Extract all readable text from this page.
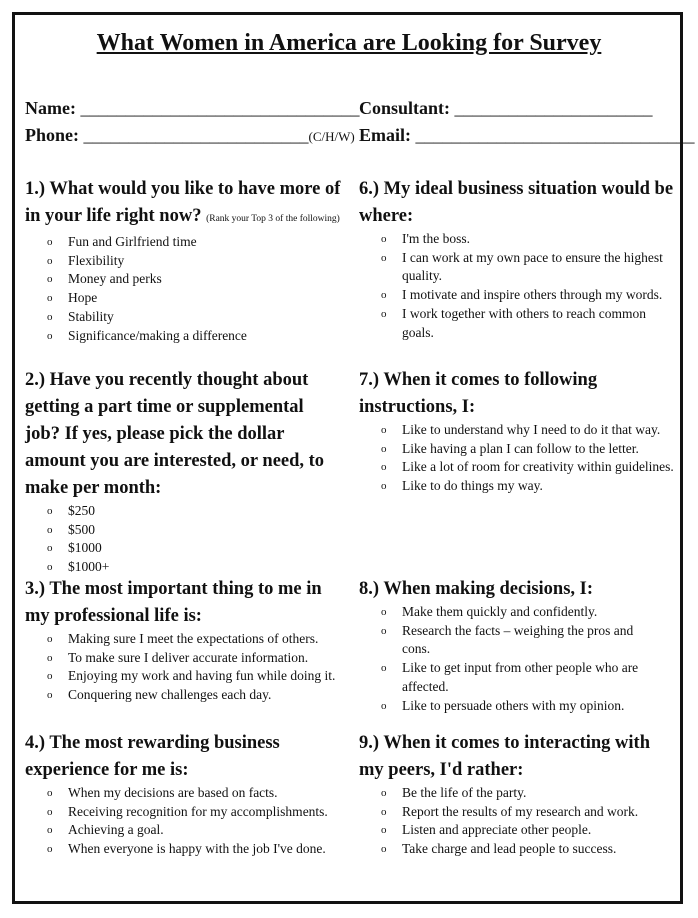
What Women in America are Looking for Survey
Name: _______________________________
Phone: _________________________(C/H/W)
Consultant: ______________________
Email: _______________________________
1.) What would you like to have more of
in your life right now? (Rank your Top 3 of the following)
o Fun and Girlfriend time
o Flexibility
o Money and perks
o Hope
o Stability
o Significance/making a difference
2.) Have you recently thought about
getting a part time or supplemental
job? If yes, please pick the dollar
amount you are interested, or need, to
make per month:
o $250
o $500
o $1000
o $1000+
3.) The most important thing to me in
my professional life is:
o Making sure I meet the expectations of others.
o To make sure I deliver accurate information.
o Enjoying my work and having fun while doing it.
o Conquering new challenges each day.
4.) The most rewarding business
experience for me is:
o When my decisions are based on facts.
o Receiving recognition for my accomplishments.
o Achieving a goal.
o When everyone is happy with the job I've done.
6.) My ideal business situation would be
where:
o I'm the boss.
o I can work at my own pace to ensure the highest quality.
o I motivate and inspire others through my words.
o I work together with others to reach common goals.
7.) When it comes to following
instructions, I:
o Like to understand why I need to do it that way.
o Like having a plan I can follow to the letter.
o Like a lot of room for creativity within guidelines.
o Like to do things my way.
8.) When making decisions, I:
o Make them quickly and confidently.
o Research the facts – weighing the pros and cons.
o Like to get input from other people who are affected.
o Like to persuade others with my opinion.
9.) When it comes to interacting with
my peers, I'd rather:
o Be the life of the party.
o Report the results of my research and work.
o Listen and appreciate other people.
o Take charge and lead people to success.
